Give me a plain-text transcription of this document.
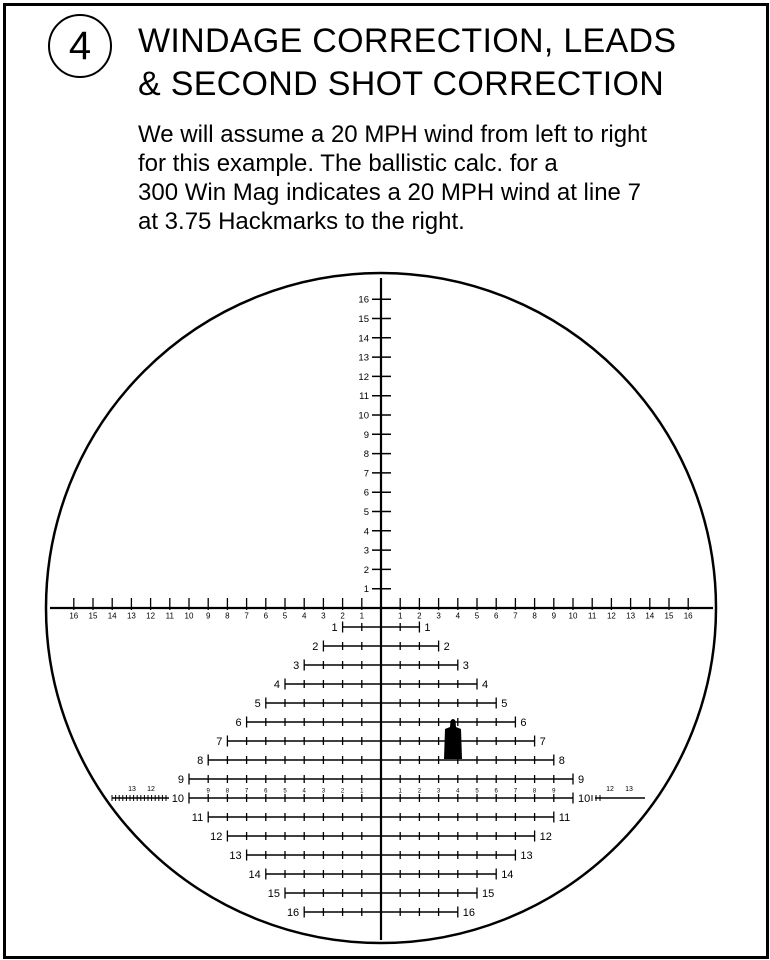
4 WINDAGE CORRECTION, LEADS
& SECOND SHOT CORRECTION

We will assume a 20 MPH wind from left to right
for this example. The ballistic calc. for a
300 Win Mag indicates a 20 MPH wind at line 7
at 3.75 Hackmarks to the right.

1
2
3
4
5
6
7
8
9
10
11
12
13
14
15
16
1	1
2	2
3	3
4	4
5	5
6	6
7	7
8	8
9	9
10	10
11	11
12	12
13	13
14	14
15	15
16	16
1	1
2	2
3	3
4	4
5	5
6	6
7	7
8	8
9	9
1	1
2	2
3	3
4	4
5	5
6	6
7	7
8	8
9	9
10	10
13 12	12 13
11	11
12	12
13	13
14	14
15	15
16	16
